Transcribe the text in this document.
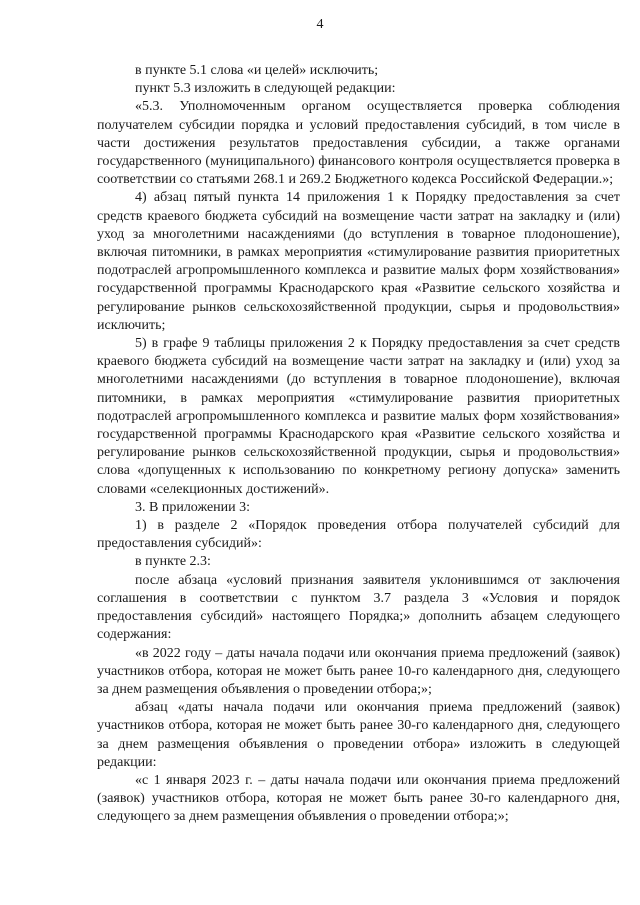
4

в пункте 5.1 слова «и целей» исключить;

пункт 5.3 изложить в следующей редакции:

«5.3. Уполномоченным органом осуществляется проверка соблюдения получателем субсидии порядка и условий предоставления субсидий, в том числе в части достижения результатов предоставления субсидии, а также органами государственного (муниципального) финансового контроля осуществляется проверка в соответствии со статьями 268.1 и 269.2 Бюджетного кодекса Российской Федерации.»;

4) абзац пятый пункта 14 приложения 1 к Порядку предоставления за счет средств краевого бюджета субсидий на возмещение части затрат на закладку и (или) уход за многолетними насаждениями (до вступления в товарное плодоношение), включая питомники, в рамках мероприятия «стимулирование развития приоритетных подотраслей агропромышленного комплекса и развитие малых форм хозяйствования» государственной программы Краснодарского края «Развитие сельского хозяйства и регулирование рынков сельскохозяйственной продукции, сырья и продовольствия» исключить;

5) в графе 9 таблицы приложения 2 к Порядку предоставления за счет средств краевого бюджета субсидий на возмещение части затрат на закладку и (или) уход за многолетними насаждениями (до вступления в товарное плодоношение), включая питомники, в рамках мероприятия «стимулирование развития приоритетных подотраслей агропромышленного комплекса и развитие малых форм хозяйствования» государственной программы Краснодарского края «Развитие сельского хозяйства и регулирование рынков сельскохозяйственной продукции, сырья и продовольствия» слова «допущенных к использованию по конкретному региону допуска» заменить словами «селекционных достижений».

3. В приложении 3:

1) в разделе 2 «Порядок проведения отбора получателей субсидий для предоставления субсидий»:

в пункте 2.3:

после абзаца «условий признания заявителя уклонившимся от заключения соглашения в соответствии с пунктом 3.7 раздела 3 «Условия и порядок предоставления субсидий» настоящего Порядка;» дополнить абзацем следующего содержания:

«в 2022 году – даты начала подачи или окончания приема предложений (заявок) участников отбора, которая не может быть ранее 10-го календарного дня, следующего за днем размещения объявления о проведении отбора;»;

абзац «даты начала подачи или окончания приема предложений (заявок) участников отбора, которая не может быть ранее 30-го календарного дня, следующего за днем размещения объявления о проведении отбора» изложить в следующей редакции:

«с 1 января 2023 г. – даты начала подачи или окончания приема предложений (заявок) участников отбора, которая не может быть ранее 30-го календарного дня, следующего за днем размещения объявления о проведении отбора;»;
